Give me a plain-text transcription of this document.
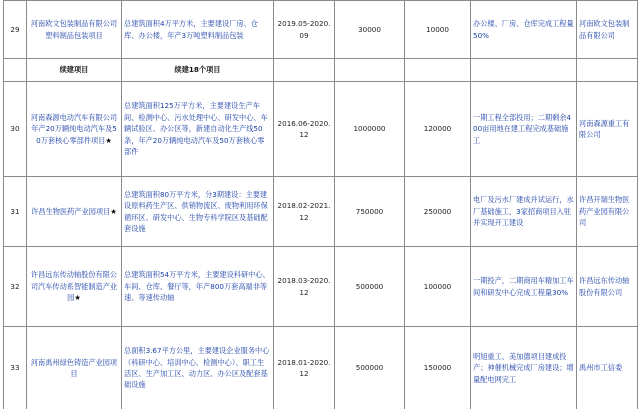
29	河南欧文包装制品有限公司塑料制品包装项目	总建筑面积4万平方米，主要建设厂房、仓库、办公楼，年产3万吨塑料制品包装	2019.05-2020.09	30000	10000	办公楼、厂房、仓库完成工程量50%	河南欧文包装制品有限公司	
	续建项目	续建18个项目						
30	河南森源电动汽车有限公司年产20万辆纯电动汽车及50万套核心零部件项目★	总建筑面积125万平方米，主要建设生产车间、检测中心、污水处理中心、研发中心、车辆试验区、办公区等，新建自动化生产线50条，年产20万辆纯电动汽车及50万套核心零部件	2016.06-2020.12	1000000	120000	一期工程全部投用；二期剩余400亩用地在建工程完成基础施工	河南森源重工有限公司	
31	许昌生物医药产业园项目★	总建筑面积80万平方米，分3期建设：主要建设原料药生产区、供销物流区、废物利用环保循环区、研发中心、生物专科学院区及基础配套设施	2018.02-2021.12	750000	250000	电厂及污水厂建成并试运行，水厂基础施工，3家招商项目入驻并实现开工建设	许昌开瑞生物医药产业园有限公司	
32	许昌远东传动轴股份有限公司汽车传动系智能制造产业园★	总建筑面积54万平方米，主要建设科研中心、车间、仓库、餐厅等，年产800万套高端非等速、等速传动轴	2018.03-2020.12	500000	100000	一期投产，二期商用车精加工车间和研发中心完成工程量30%	许昌远东传动轴股份有限公司	
33	河南禹州绿色铸造产业园项目	总面积3.67平方公里，主要建设企业服务中心（科研中心、培训中心、检测中心）、职工生活区、生产加工区、动力区、办公区及配套基础设施	2018.01-2020.12	500000	150000	明旭重工、美加德项目建成投产；神催机械完成厂房建设；增量配电网完工	禹州市工信委	
